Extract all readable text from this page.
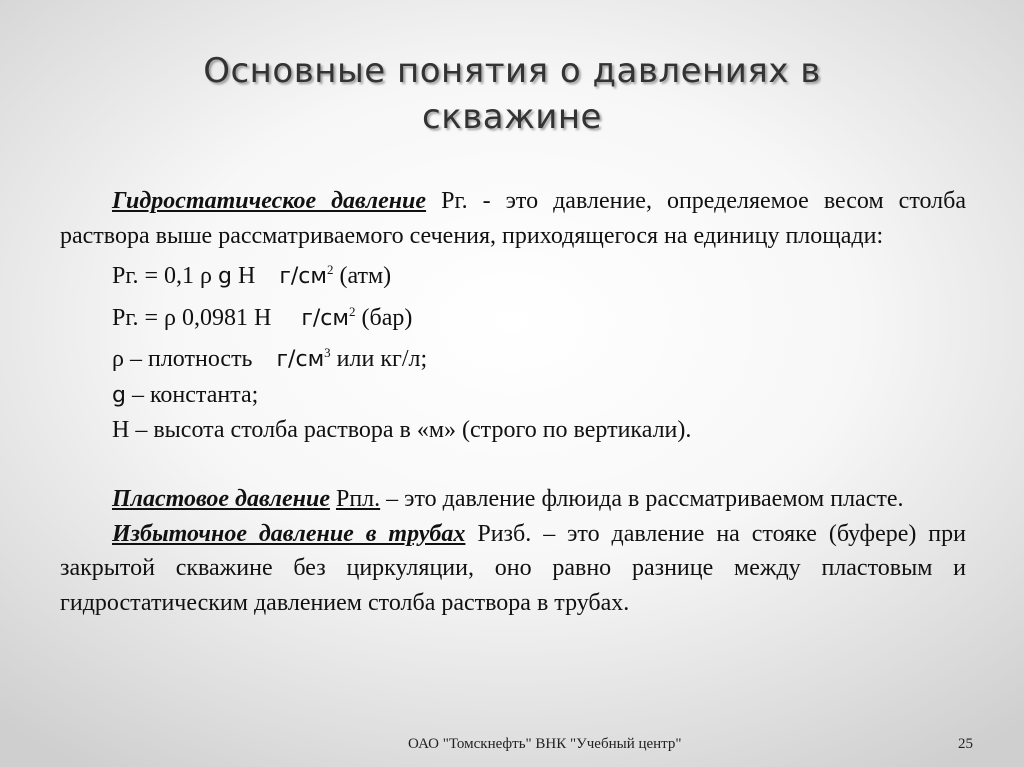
Основные понятия о давлениях в
скважине

Гидростатическое давление Рг. - это давление, определяемое весом столба раствора выше рассматриваемого сечения, приходящегося на единицу площади:

Рг. = 0,1 ρ g Н $г/см^2$ (атм)

Рг. = ρ 0,0981 Н $г/см^2$ (бар)

ρ – плотность $г/см^3$ или кг/л;

g – константа;

Н – высота столба раствора в «м» (строго по вертикали).

Пластовое давление Рпл. – это давление флюида в рассматриваемом пласте.

Избыточное давление в трубах Ризб. – это давление на стояке (буфере) при закрытой скважине без циркуляции, оно равно разнице между пластовым и гидростатическим давлением столба раствора в трубах.

ОАО "Томскнефть" ВНК "Учебный центр"	25
